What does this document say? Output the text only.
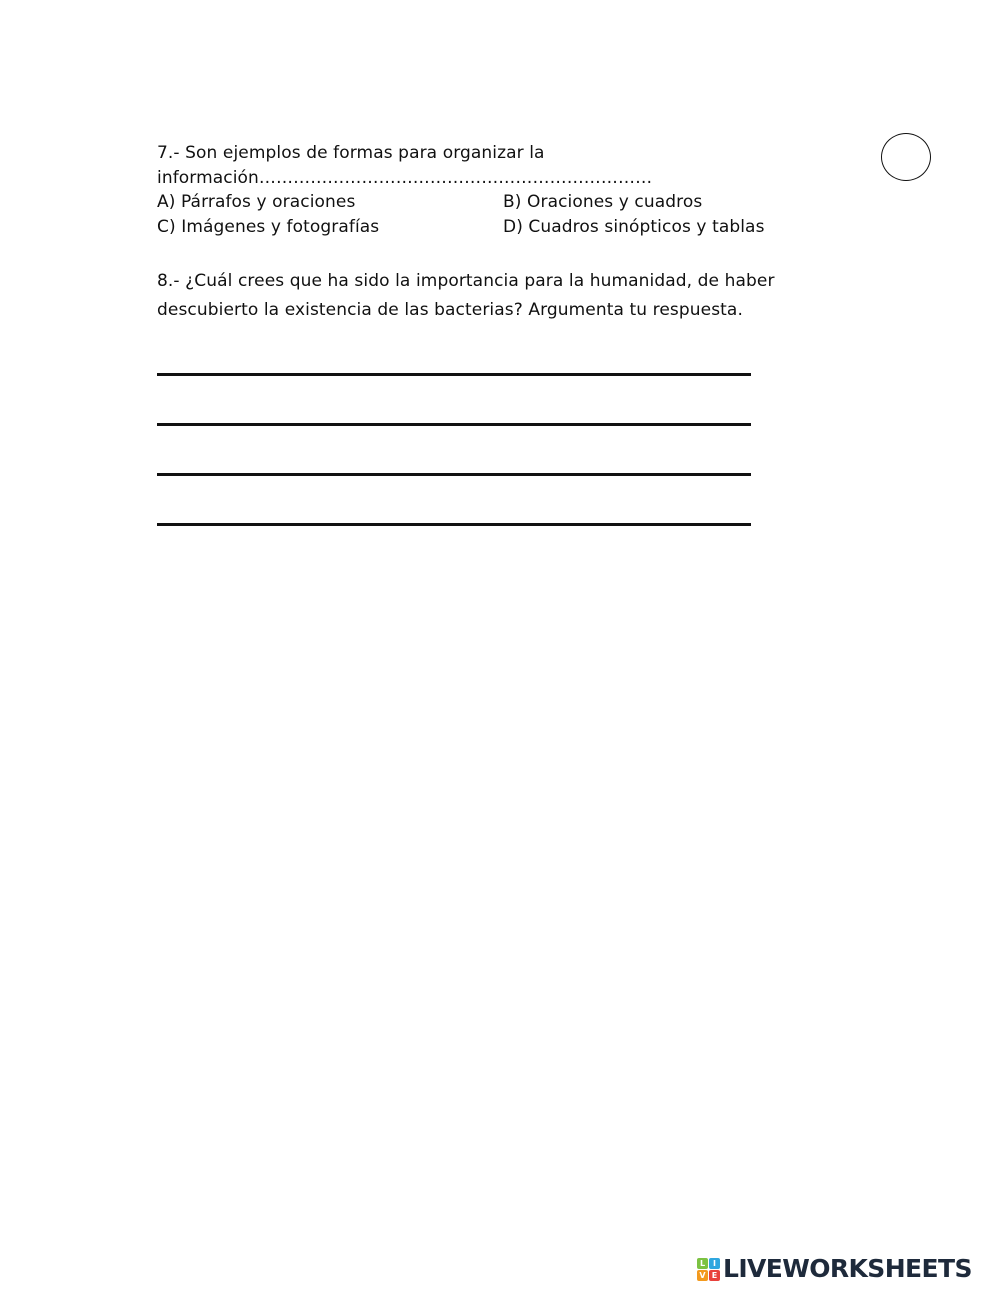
7.- Son ejemplos de formas para organizar la
información……………………………………………………………
A) Párrafos y oraciones	B) Oraciones y cuadros
C) Imágenes y fotografías	D) Cuadros sinópticos y tablas
8.- ¿Cuál crees que ha sido la importancia para la humanidad, de haber
descubierto la existencia de las bacterias? Argumenta tu respuesta.
L I
V E LIVEWORKSHEETS
